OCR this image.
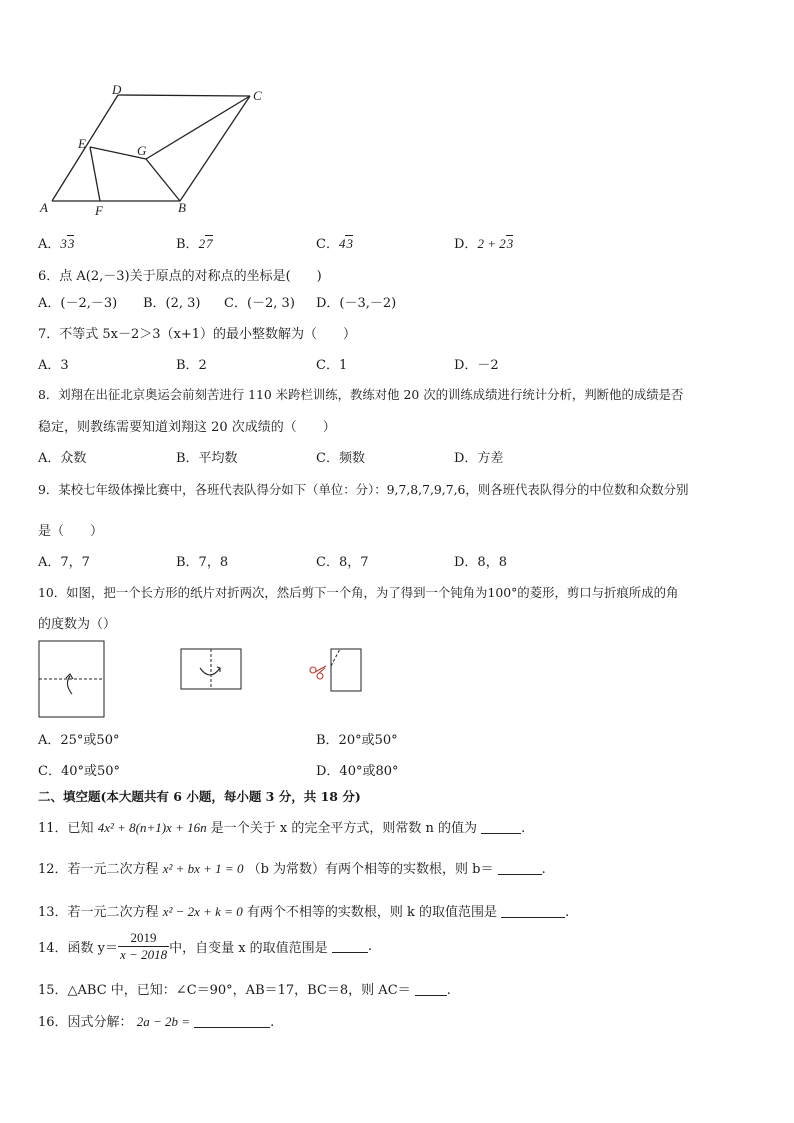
D	C
E	G
A	F	B
A．33	B．27	C．43	D．2 + 23
6．点 A(2,－3)关于原点的对称点的坐标是(　　)
A．(－2,－3) B．(2, 3) C．(－2, 3) D．(－3,－2)
7．不等式 5x－2＞3（x+1）的最小整数解为（　　）
A．3	B．2	C．1	D．－2
8．刘翔在出征北京奥运会前刻苦进行 110 米跨栏训练，教练对他 20 次的训练成绩进行统计分析，判断他的成绩是否
稳定，则教练需要知道刘翔这 20 次成绩的（　　）
A．众数	B．平均数	C．频数	D．方差
9．某校七年级体操比赛中，各班代表队得分如下（单位：分）：9,7,8,7,9,7,6，则各班代表队得分的中位数和众数分别
是（　　）
A．7，7	B．7，8	C．8，7	D．8，8
10．如图，把一个长方形的纸片对折两次，然后剪下一个角，为了得到一个钝角为100°的菱形，剪口与折痕所成的角
的度数为（）
A．25°或50°	B．20°或50°
C．40°或50°	D．40°或80°
二、填空题(本大题共有 6 小题，每小题 3 分，共 18 分)
11．已知 4x² + 8(n+1)x + 16n 是一个关于 x 的完全平方式，则常数 n 的值为	.
12．若一元二次方程 x² + bx + 1 = 0 （b 为常数）有两个相等的实数根，则 b＝	.
13．若一元二次方程 x² − 2x + k = 0 有两个不相等的实数根，则 k 的取值范围是	.
14．函数 $y= \frac{2019}{x - 2018}$ 中，自变量 x 的取值范围是	.
15．△ABC 中，已知：∠C＝90°，AB＝17，BC＝8，则 AC＝	.
16．因式分解： 2a − 2b =	.
